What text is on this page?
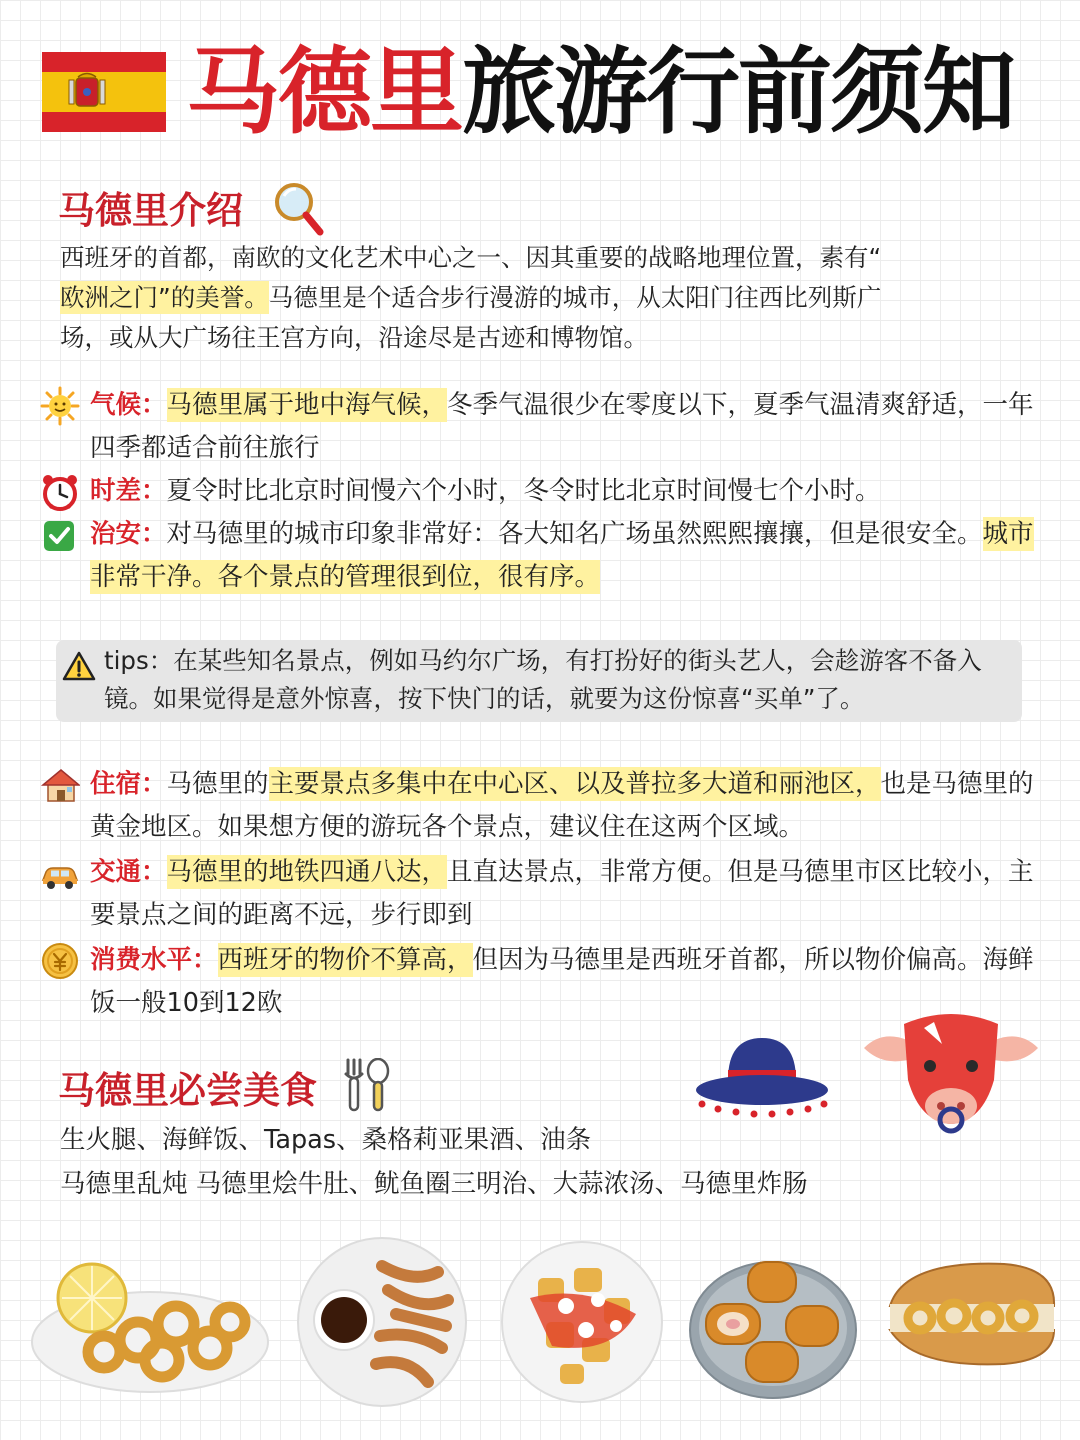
马德里旅游行前须知
马德里介绍
西班牙的首都，南欧的文化艺术中心之一、因其重要的战略地理位置，素有“
欧洲之门”的美誉。马德里是个适合步行漫游的城市，从太阳门往西比列斯广
场，或从大广场往王宫方向，沿途尽是古迹和博物馆。
气候：马德里属于地中海气候，冬季气温很少在零度以下，夏季气温清爽舒适，一年四季都适合前往旅行
时差：夏令时比北京时间慢六个小时，冬令时比北京时间慢七个小时。
治安：对马德里的城市印象非常好：各大知名广场虽然熙熙攘攘，但是很安全。城市非常干净。各个景点的管理很到位，很有序。
tips：在某些知名景点，例如马约尔广场，有打扮好的街头艺人，会趁游客不备入镜。如果觉得是意外惊喜，按下快门的话，就要为这份惊喜“买单”了。
住宿：马德里的主要景点多集中在中心区、以及普拉多大道和丽池区，也是马德里的黄金地区。如果想方便的游玩各个景点，建议住在这两个区域。
交通：马德里的地铁四通八达，且直达景点，非常方便。但是马德里市区比较小，主要景点之间的距离不远，步行即到
消费水平：西班牙的物价不算高，但因为马德里是西班牙首都，所以物价偏高。海鲜饭一般10到12欧
马德里必尝美食
生火腿、海鲜饭、Tapas、桑格莉亚果酒、油条
马德里乱炖 马德里烩牛肚、鱿鱼圈三明治、大蒜浓汤、马德里炸肠
